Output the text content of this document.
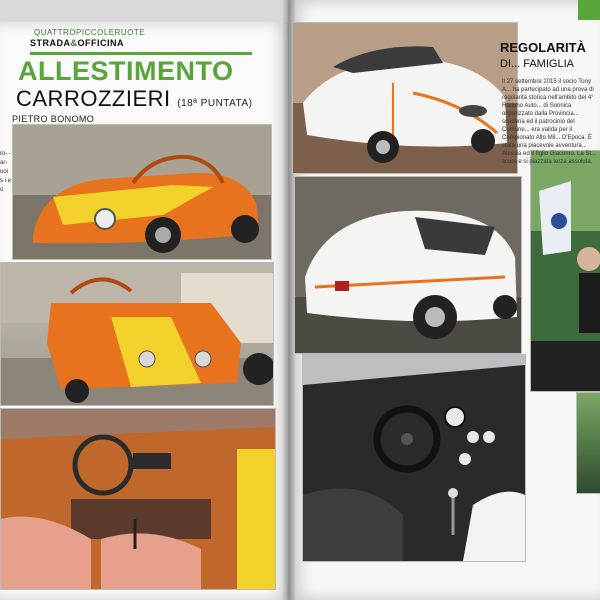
QUATTROPICCOLERUOTE
STRADA&OFFICINA
ALLESTIMENTO
CARROZZIERI (18ª PUNTATA)
PIETRO BONOMO
ro- -ar- uoi s i e o
REGOLARITÀ
DI... FAMIGLIA
Il 27 settembre 2015 il socio Tony A... ha partecipato ad una prova di regolarità storica nell'ambito del 4° Raduno Auto... di Sonnica organizzato dalla Provincia... scuderia ed il patrocinio del Comune... era valida per il Campionato Alto Mil... D'Epoca. È stata una piacevole avventura... Alessia ed il figlio Giacomo. La St... scura e si piazzata terza assoluta.
